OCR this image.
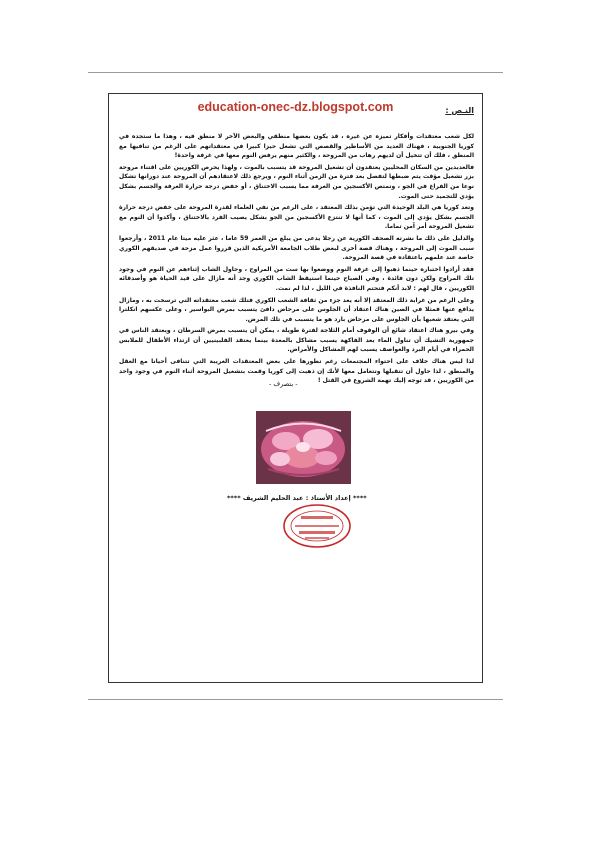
education-onec-dz.blogspot.com	النـص :

لكل شعب معتقدات وأفكار تميزه عن غيره ، قد يكون بعضها منطقي والبعض الآخر لا منطق فيه ، وهذا ما ستجده في كوريا الجنوبية ، فهناك العديد من الأساطير والقصص التي تشغل حيزا كبيرا في معتقداتهم على الرغم من تنافيها مع المنطق ، فلك أن تتخيل أن لديهم رهاب من المروحة ، والكثير منهم يرفض النوم معها في غرفة واحدة!

فالعديدين من السكان المحليين يعتقدون أن تشغيل المروحة قد يتسبب بالموت ، ولهذا يحرص الكوريين على اقتناء مروحة بزر تشغيل مؤقت يتم ضبطها لتفصل بعد فترة من الزمن أثناء النوم ، ويرجع ذلك لاعتقادهم أن المروحة عند دورانها تشكل نوعا من الفراغ في الجو ، وتمتص الأكسجين من الغرفة مما يسبب الاختناق ، أو خفض درجة حرارة الغرفة والجسم بشكل يؤدي للتجميد حتى الموت.

وتعد كوريا هي البلد الوحيدة التي تؤمن بذلك المعتقد ، على الرغم من نفي العلماء لقدرة المروحة على خفض درجة حرارة الجسم بشكل يؤدي إلى الموت ، كما أنها لا تنتزع الأكسجين من الجو بشكل يصيب الفرد بالاختناق ، وأكدوا أن النوم مع تشغيل المروحة أمر آمن تماما.

والدليل على ذلك ما نشرته الصحف الكورية عن رجلا يدعى من يبلغ من العمر 59 عاما ، عثر عليه ميتا عام 2011 ، وأرجعوا سبب الموت إلى المروحة ، وهناك قصة أخرى لبعض طلاب الجامعة الأمريكية الذين قرروا عمل مزحة في صديقهم الكوري خاصة عند علمهم باعتقاده في قصة المروحة.

فقد أرادوا اختباره حينما ذهبوا إلى غرفة النوم ووضعوا بها ست من المراوح ، وحاول الشاب إثناءهم عن النوم في وجود تلك المراوح ولكن دون فائدة ، وفي الصباح حينما استيقظ الشاب الكوري وجد أنه مازال على قيد الحياة هو وأصدقائه الكوريين ، قال لهم : لابد أنكم فتحتم النافذة في الليل ، لذا لم نمت.

وعلى الرغم من غرابة ذلك المعتقد إلا أنه يعد جزء من ثقافة الشعب الكوري فتلك شعب معتقداته التي ترسخت به ، ومازال يدافع عنها فمثلا في الصين هناك اعتقاد أن الجلوس على مرحاض دافئ يتسبب بمرض البواسير ، وعلى عكسهم انكلترا التي يعتقد شعبها بأن الجلوس على مرحاض بارد هو ما يتسبب في تلك المرض.

وفي بيرو هناك اعتقاد شائع أن الوقوف أمام الثلاجة لفترة طويلة ، يمكن أن يتسبب بمرض السرطان ، ويعتقد الناس في جمهورية التشيك أن تناول الماء بعد الفاكهة يسبب مشاكل بالمعدة بينما يعتقد الفلبينيين أن ارتداء الأطفال للملابس الحمراء في أيام البرد والعواصف يسبب لهم المشاكل والأمراض.

لذا ليس هناك خلاف على احتواء المجتمعات رغم تطورها على بعض المعتقدات الغريبة التي تتنافى أحيانا مع العقل والمنطق ، لذا حاول أن تتقبلها وتتعامل معها لأنك إن ذهبت إلى كوريا وقمت بتشغيل المروحة أثناء النوم في وجود واحد من الكوريين ، قد توجه إليك تهمة الشروع في القتل !

- بتصرف -
**** إعداد الأستاذ : عبد الحليم الشريف ****
